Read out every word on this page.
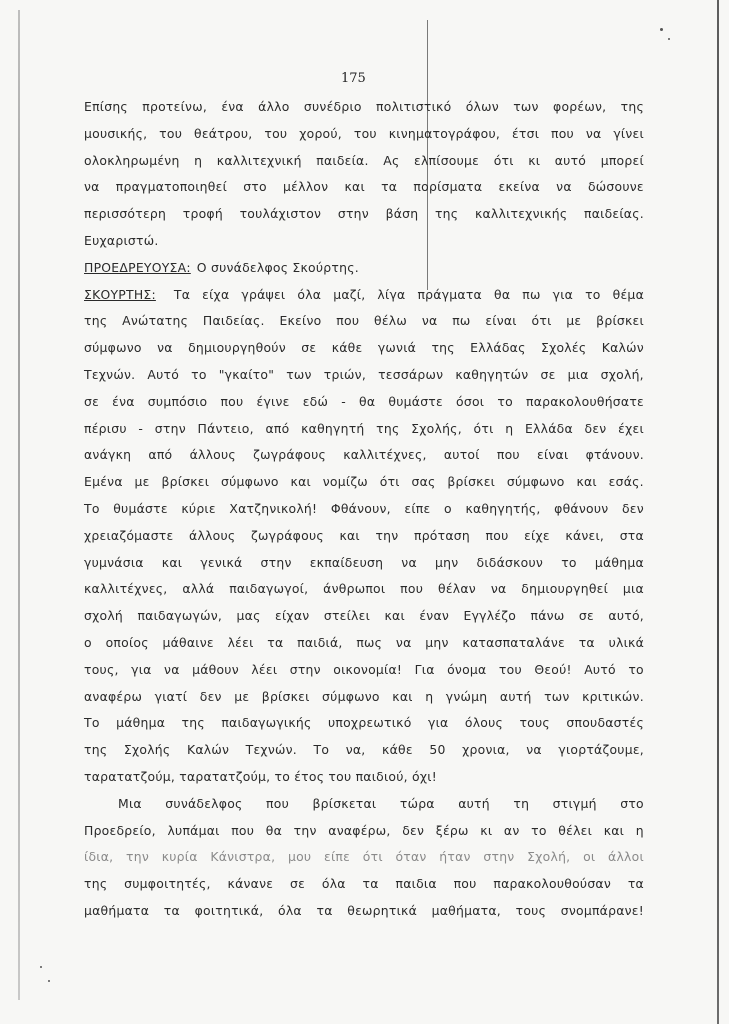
175
Επίσης προτείνω, ένα άλλο συνέδριο πολιτιστικό όλων των φορέων, της
μουσικής, του θεάτρου, του χορού, του κινηματογράφου, έτσι που να γίνει
ολοκληρωμένη η καλλιτεχνική παιδεία. Ας ελπίσουμε ότι κι αυτό μπορεί
να πραγματοποιηθεί στο μέλλον και τα πορίσματα εκείνα να δώσουνε
περισσότερη τροφή τουλάχιστον στην βάση της καλλιτεχνικής παιδείας.
Ευχαριστώ.
ΠΡΟΕΔΡΕΥΟΥΣΑ: Ο συνάδελφος Σκούρτης.
ΣΚΟΥΡΤΗΣ: Τα είχα γράψει όλα μαζί, λίγα πράγματα θα πω για το θέμα
της Ανώτατης Παιδείας. Εκείνο που θέλω να πω είναι ότι με βρίσκει
σύμφωνο να δημιουργηθούν σε κάθε γωνιά της Ελλάδας Σχολές Καλών
Τεχνών. Αυτό το "γκαίτο" των τριών, τεσσάρων καθηγητών σε μια σχολή,
σε ένα συμπόσιο που έγινε εδώ - θα θυμάστε όσοι το παρακολουθήσατε
πέρισυ - στην Πάντειο, από καθηγητή της Σχολής, ότι η Ελλάδα δεν έχει
ανάγκη από άλλους ζωγράφους καλλιτέχνες, αυτοί που είναι φτάνουν.
Εμένα με βρίσκει σύμφωνο και νομίζω ότι σας βρίσκει σύμφωνο και εσάς.
Το θυμάστε κύριε Χατζηνικολή! Φθάνουν, είπε ο καθηγητής, φθάνουν δεν
χρειαζόμαστε άλλους ζωγράφους και την πρόταση που είχε κάνει, στα
γυμνάσια και γενικά στην εκπαίδευση να μην διδάσκουν το μάθημα
καλλιτέχνες, αλλά παιδαγωγοί, άνθρωποι που θέλαν να δημιουργηθεί μια
σχολή παιδαγωγών, μας είχαν στείλει και έναν Εγγλέζο πάνω σε αυτό,
ο οποίος μάθαινε λέει τα παιδιά, πως να μην κατασπαταλάνε τα υλικά
τους, για να μάθουν λέει στην οικονομία! Για όνομα του Θεού! Αυτό το
αναφέρω γιατί δεν με βρίσκει σύμφωνο και η γνώμη αυτή των κριτικών.
Το μάθημα της παιδαγωγικής υποχρεωτικό για όλους τους σπουδαστές
της Σχολής Καλών Τεχνών. Το να, κάθε 50 χρονια, να γιορτάζουμε,
ταρατατζούμ, ταρατατζούμ, το έτος του παιδιού, όχι!
Μια συνάδελφος που βρίσκεται τώρα αυτή τη στιγμή στο
Προεδρείο, λυπάμαι που θα την αναφέρω, δεν ξέρω κι αν το θέλει και η
ίδια, την κυρία Κάνιστρα, μου είπε ότι όταν ήταν στην Σχολή, οι άλλοι
της συμφοιτητές, κάνανε σε όλα τα παιδια που παρακολουθούσαν τα
μαθήματα τα φοιτητικά, όλα τα θεωρητικά μαθήματα, τους σνομπάρανε!
